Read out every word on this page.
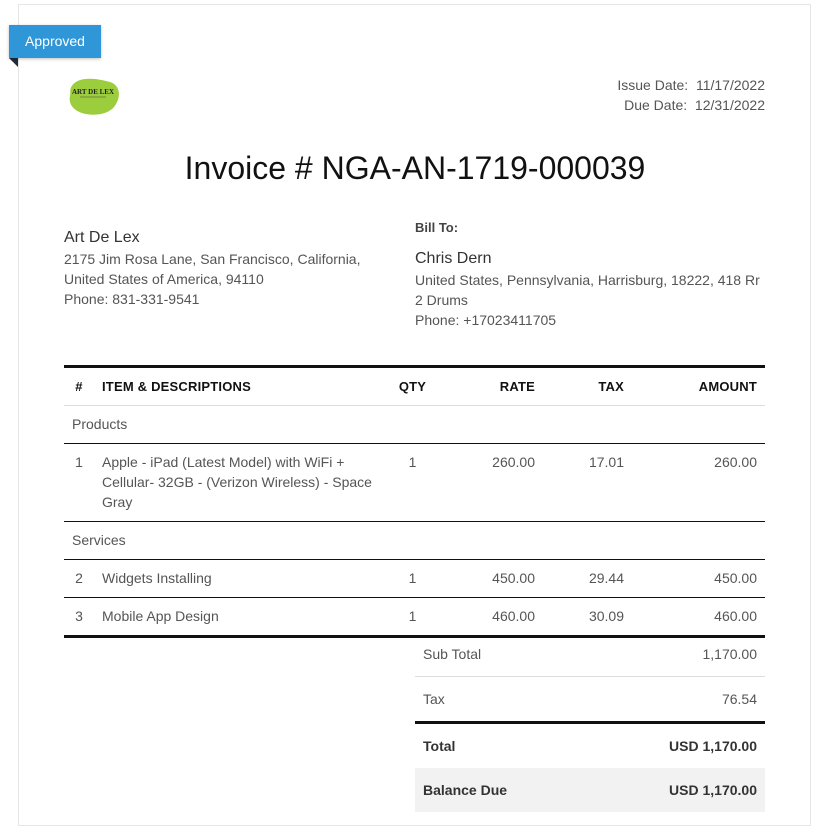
Approved
ART DE LEX	Issue Date: 11/17/2022
Due Date: 12/31/2022
Invoice # NGA-AN-1719-000039
Art De Lex
2175 Jim Rosa Lane, San Francisco, California,
United States of America, 94110
Phone: 831-331-9541
Bill To:
Chris Dern
United States, Pennsylvania, Harrisburg, 18222, 418 Rr
2 Drums
Phone: +17023411705
#	ITEM & DESCRIPTIONS	QTY	RATE	TAX	AMOUNT
Products					
1	Apple - iPad (Latest Model) with WiFi + Cellular- 32GB - (Verizon Wireless) - Space Gray	1	260.00	17.01	260.00
Services					
2	Widgets Installing	1	450.00	29.44	450.00
3	Mobile App Design	1	460.00	30.09	460.00
Sub Total	1,170.00
Tax	76.54
Total	USD 1,170.00
Balance Due	USD 1,170.00
